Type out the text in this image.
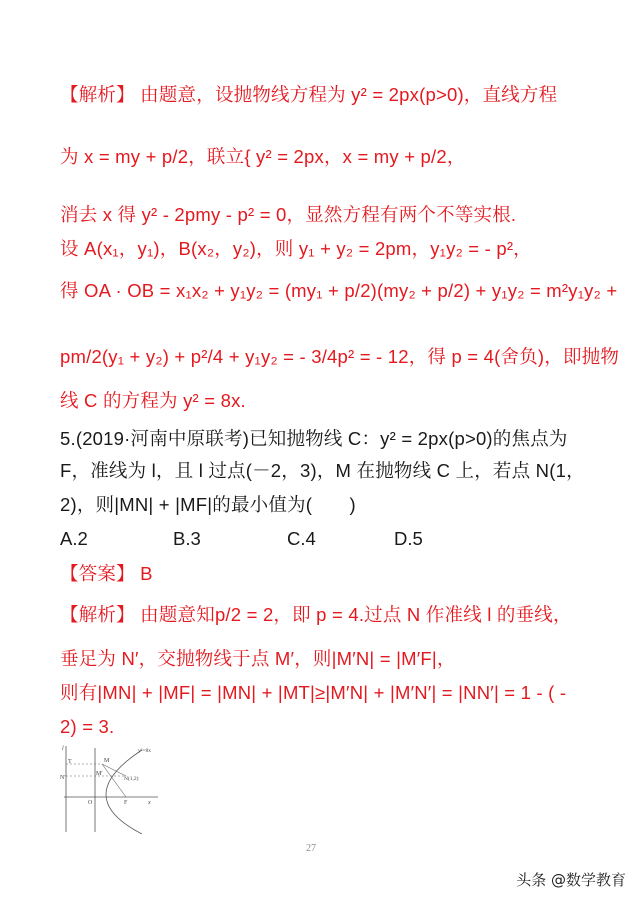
【解析】 由题意，设抛物线方程为 y² = 2px(p>0)，直线方程
为 x = my + p/2，联立{ y² = 2px，x = my + p/2，
消去 x 得 y² - 2pmy - p² = 0，显然方程有两个不等实根.
设 A(x₁，y₁)，B(x₂，y₂)，则 y₁ + y₂ = 2pm，y₁y₂ = - p²，
得 OA · OB = x₁x₂ + y₁y₂ = (my₁ + p/2)(my₂ + p/2) + y₁y₂ = m²y₁y₂ +
pm/2(y₁ + y₂) + p²/4 + y₁y₂ = - 3/4p² = - 12，得 p = 4(舍负)，即抛物
线 C 的方程为 y² = 8x.
5.(2019·河南中原联考)已知抛物线 C：y² = 2px(p>0)的焦点为
F，准线为 l，且 l 过点(－2，3)，M 在抛物线 C 上，若点 N(1，
2)，则|MN| + |MF|的最小值为(　　)
A.2	B.3	C.4	D.5
【答案】 B
【解析】 由题意知p/2 = 2，即 p = 4.过点 N 作准线 l 的垂线，
垂足为 N′，交抛物线于点 M′，则|M′N| = |M′F|，
则有|MN| + |MF| = |MN| + |MT|≥|M′N| + |M′N′| = |NN′| = 1 - ( -
2) = 3.
l
T
N'
M
M'
N(1,2)
O	F	x
y²=8x
27
头条 @数学教育
